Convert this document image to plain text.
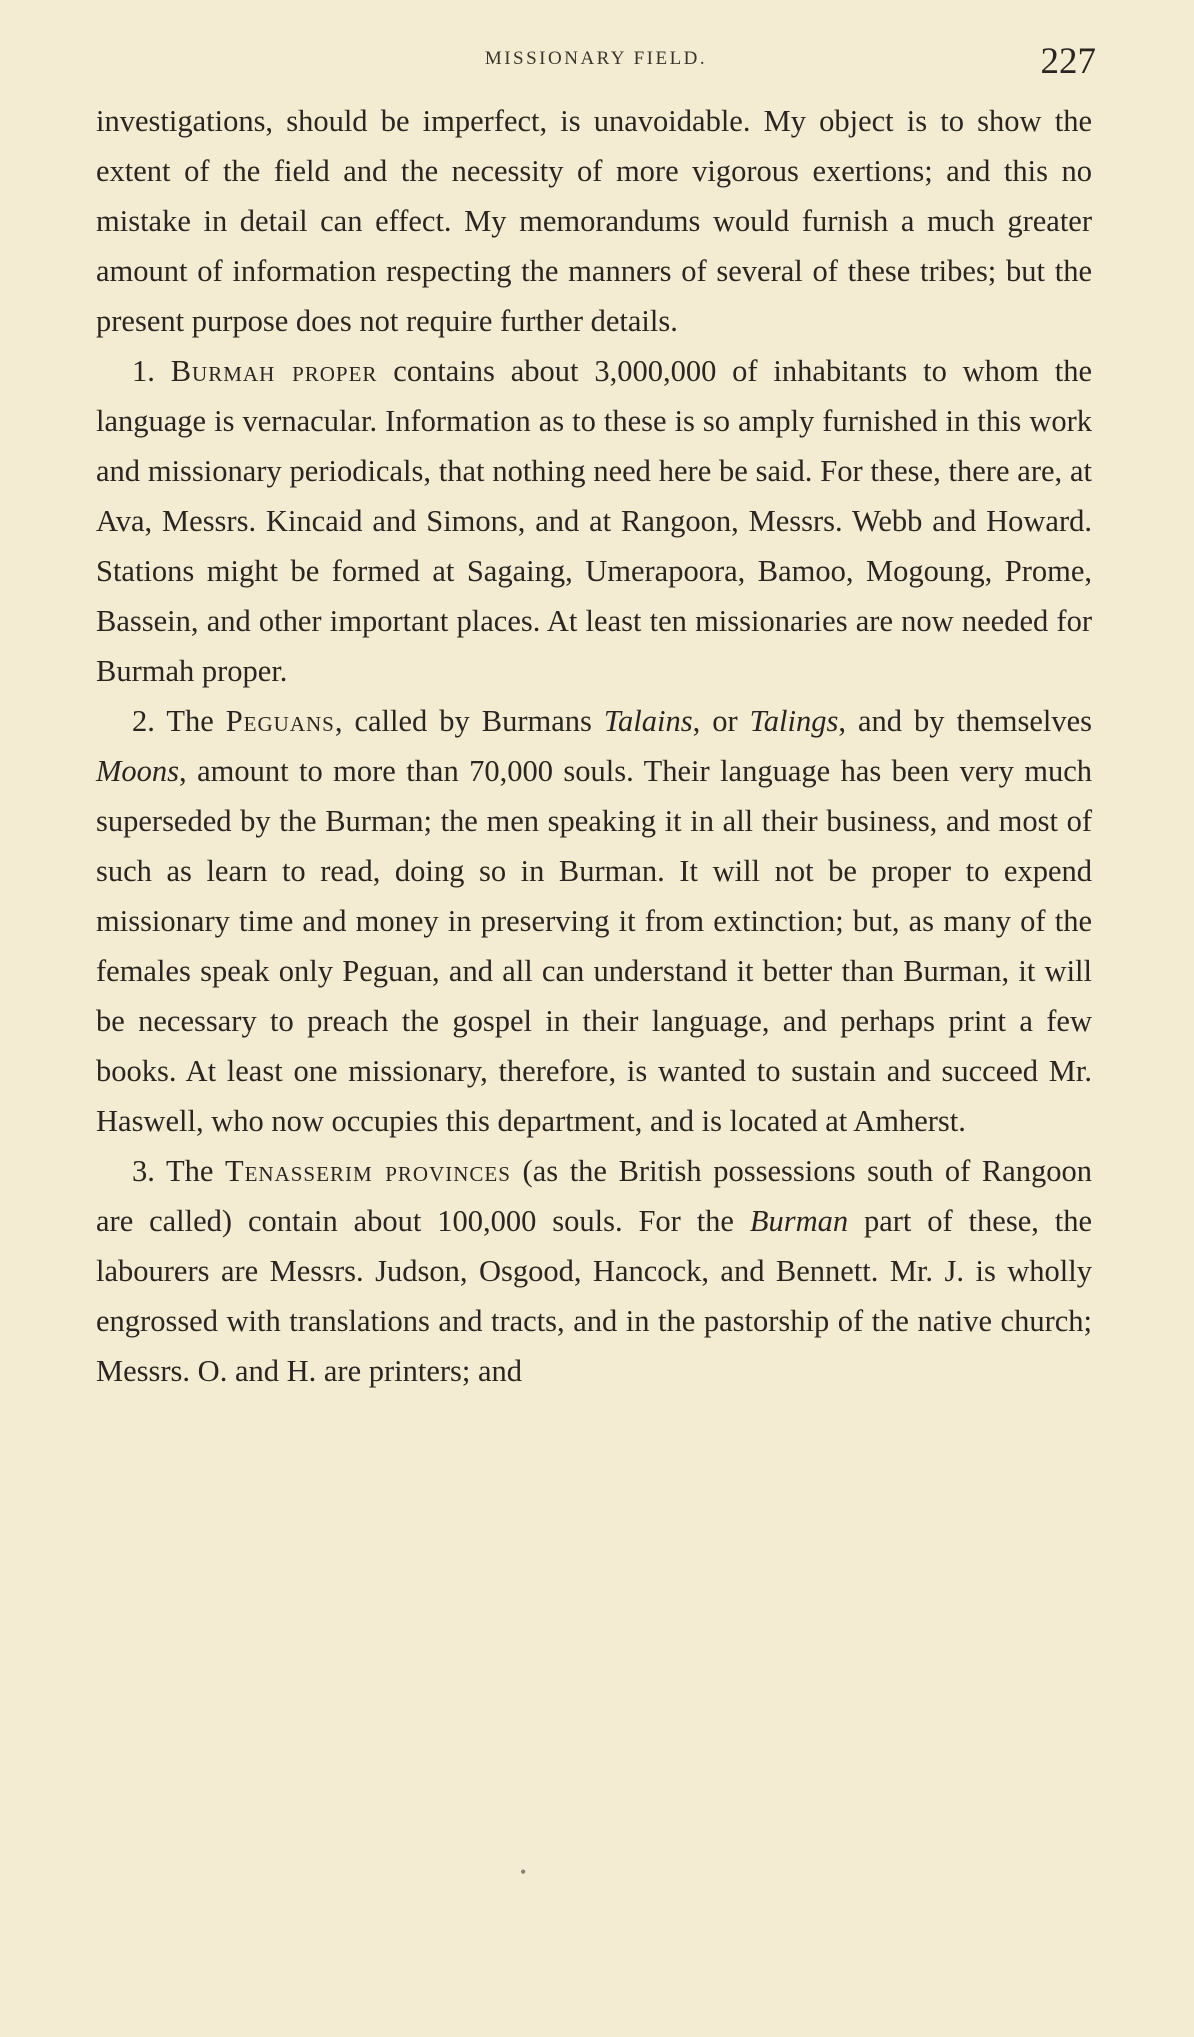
MISSIONARY FIELD.	227

investigations, should be imperfect, is unavoidable. My object is to show the extent of the field and the necessity of more vigorous exertions; and this no mistake in detail can effect. My memorandums would furnish a much greater amount of information respecting the manners of several of these tribes; but the present purpose does not require further details.

1. Burmah proper contains about 3,000,000 of inhabitants to whom the language is vernacular. Information as to these is so amply furnished in this work and missionary periodicals, that nothing need here be said. For these, there are, at Ava, Messrs. Kincaid and Simons, and at Rangoon, Messrs. Webb and Howard. Stations might be formed at Sagaing, Umerapoora, Bamoo, Mogoung, Prome, Bassein, and other important places. At least ten missionaries are now needed for Burmah proper.

2. The Peguans, called by Burmans Talains, or Talings, and by themselves Moons, amount to more than 70,000 souls. Their language has been very much superseded by the Burman; the men speaking it in all their business, and most of such as learn to read, doing so in Burman. It will not be proper to expend missionary time and money in preserving it from extinction; but, as many of the females speak only Peguan, and all can understand it better than Burman, it will be necessary to preach the gospel in their language, and perhaps print a few books. At least one missionary, therefore, is wanted to sustain and succeed Mr. Haswell, who now occupies this department, and is located at Amherst.

3. The Tenasserim provinces (as the British possessions south of Rangoon are called) contain about 100,000 souls. For the Burman part of these, the labourers are Messrs. Judson, Osgood, Hancock, and Bennett. Mr. J. is wholly engrossed with translations and tracts, and in the pastorship of the native church; Messrs. O. and H. are printers; and

•
